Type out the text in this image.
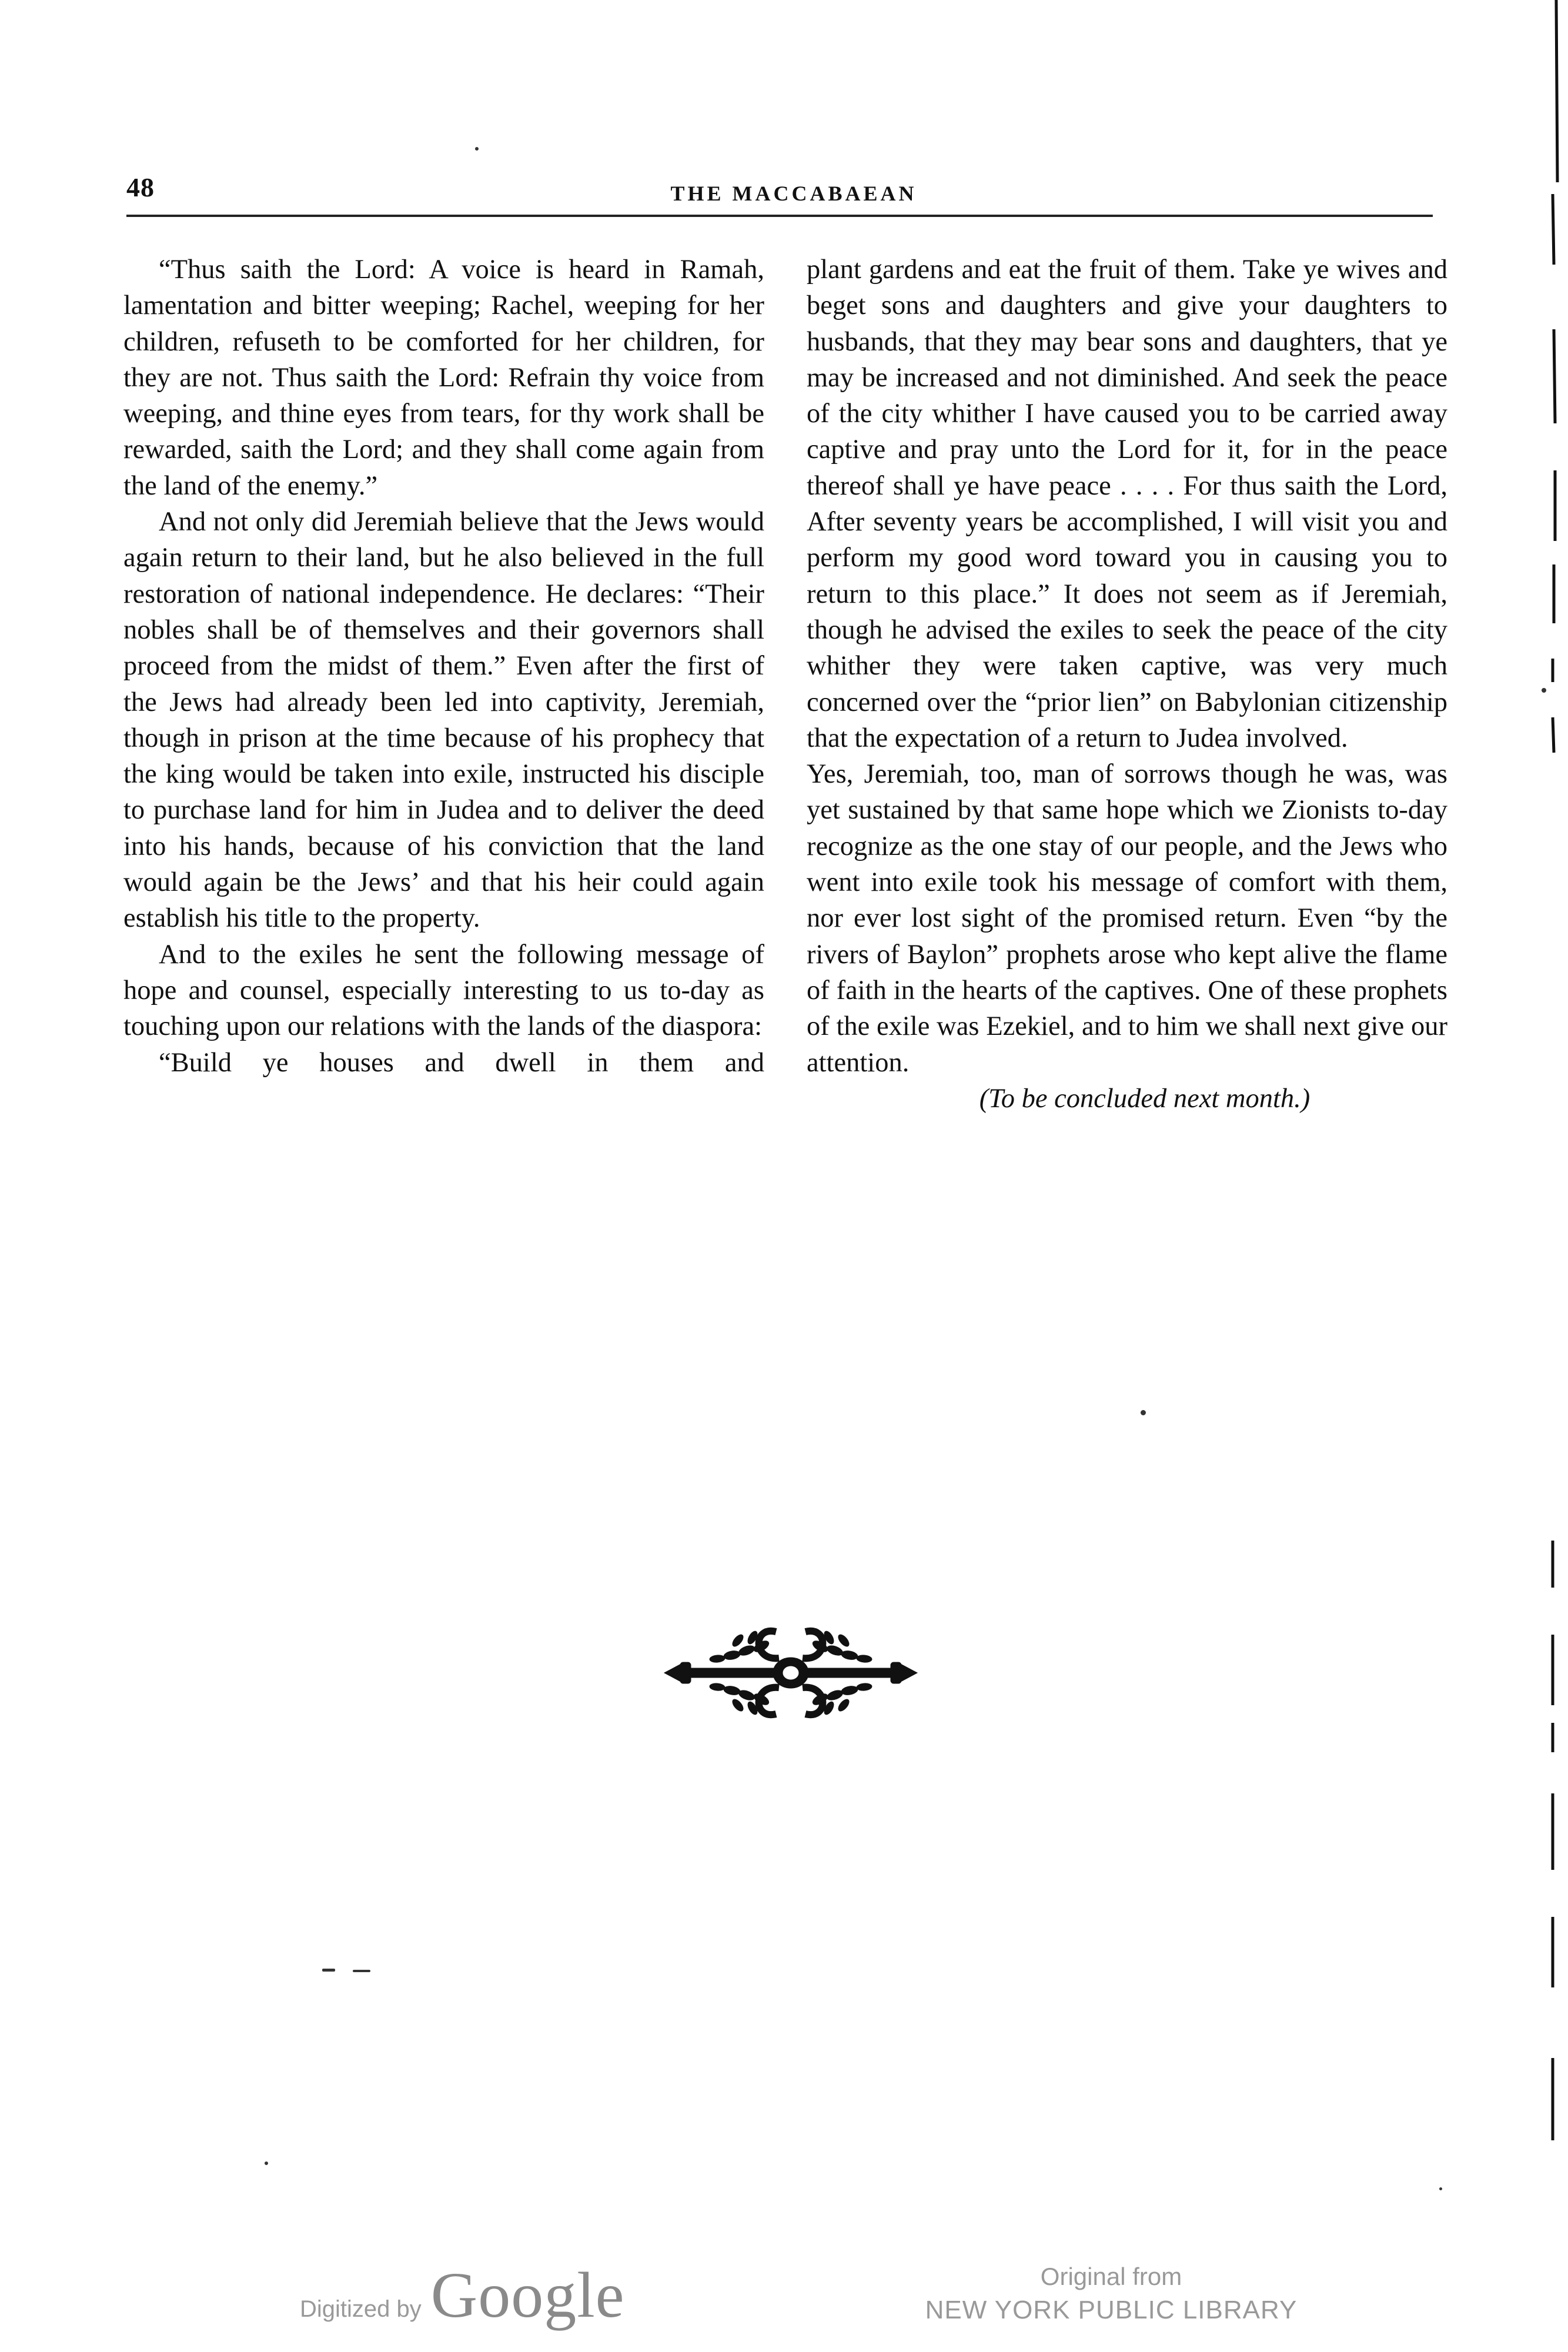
48	THE MACCABAEAN

“Thus saith the Lord: A voice is heard in Ramah, lamentation and bitter weeping; Rachel, weeping for her children, refuseth to be comforted for her children, for they are not. Thus saith the Lord: Refrain thy voice from weeping, and thine eyes from tears, for thy work shall be rewarded, saith the Lord; and they shall come again from the land of the enemy.”

And not only did Jeremiah believe that the Jews would again return to their land, but he also believed in the full restoration of national independence. He declares: “Their nobles shall be of themselves and their governors shall proceed from the midst of them.” Even after the first of the Jews had already been led into captivity, Jeremiah, though in prison at the time because of his prophecy that the king would be taken into exile, instructed his disciple to purchase land for him in Judea and to deliver the deed into his hands, because of his conviction that the land would again be the Jews’ and that his heir could again establish his title to the property.

And to the exiles he sent the following message of hope and counsel, especially interesting to us to-day as touching upon our relations with the lands of the diaspora:

“Build ye houses and dwell in them and

plant gardens and eat the fruit of them. Take ye wives and beget sons and daughters and give your daughters to husbands, that they may bear sons and daughters, that ye may be increased and not diminished. And seek the peace of the city whither I have caused you to be carried away captive and pray unto the Lord for it, for in the peace thereof shall ye have peace . . . . For thus saith the Lord, After seventy years be accomplished, I will visit you and perform my good word toward you in causing you to return to this place.” It does not seem as if Jeremiah, though he advised the exiles to seek the peace of the city whither they were taken captive, was very much concerned over the “prior lien” on Babylonian citizenship that the expectation of a return to Judea involved.

Yes, Jeremiah, too, man of sorrows though he was, was yet sustained by that same hope which we Zionists to-day recognize as the one stay of our people, and the Jews who went into exile took his message of comfort with them, nor ever lost sight of the promised return. Even “by the rivers of Baylon” prophets arose who kept alive the flame of faith in the hearts of the captives. One of these prophets of the exile was Ezekiel, and to him we shall next give our attention.

(To be concluded next month.)

Digitized by Google	Original from
NEW YORK PUBLIC LIBRARY
